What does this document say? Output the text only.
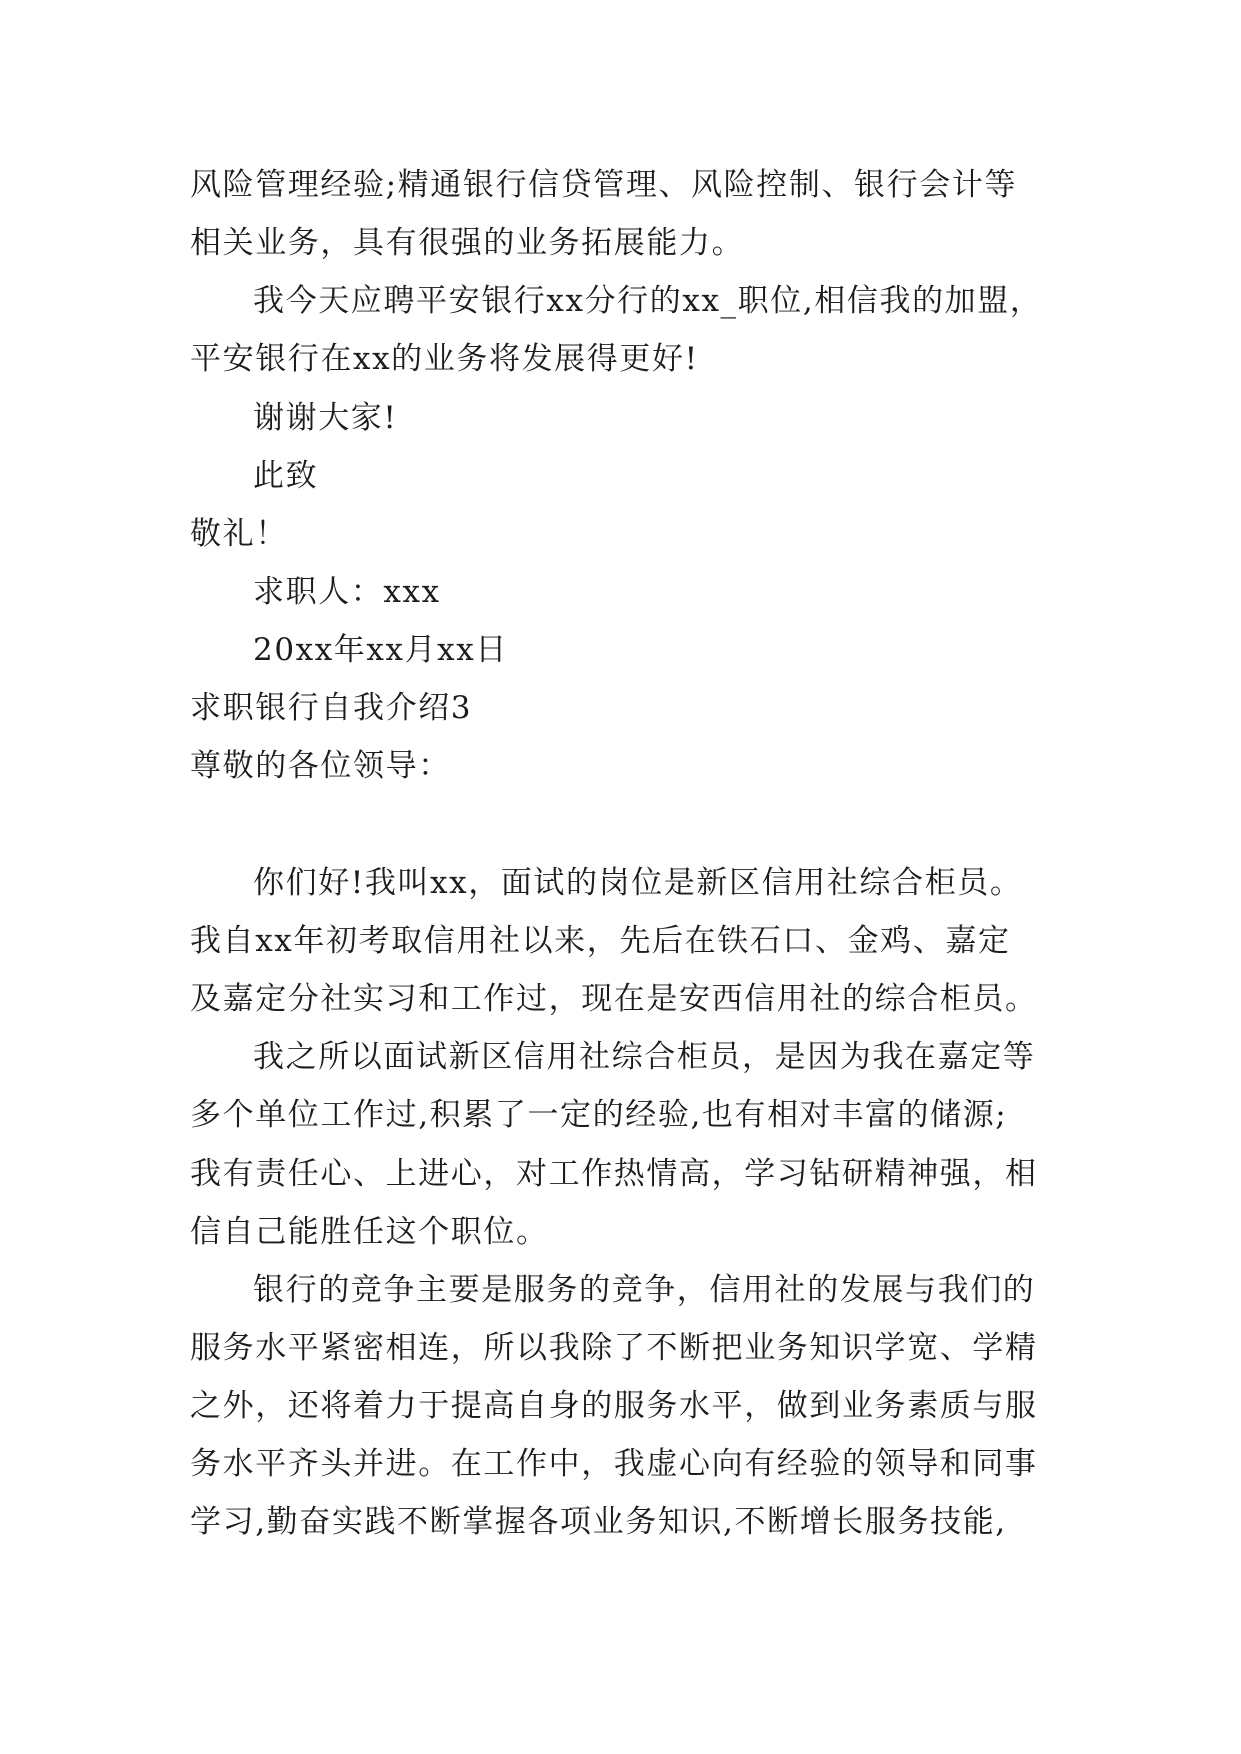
风险管理经验;精通银行信贷管理、风险控制、银行会计等
相关业务，具有很强的业务拓展能力。
我今天应聘平安银行xx分行的xx_职位,相信我的加盟，
平安银行在xx的业务将发展得更好!
谢谢大家!
此致
敬礼！
求职人：xxx
20xx年xx月xx日
求职银行自我介绍3
尊敬的各位领导：
你们好!我叫xx，面试的岗位是新区信用社综合柜员。
我自xx年初考取信用社以来，先后在铁石口、金鸡、嘉定
及嘉定分社实习和工作过，现在是安西信用社的综合柜员。
我之所以面试新区信用社综合柜员，是因为我在嘉定等
多个单位工作过,积累了一定的经验,也有相对丰富的储源;
我有责任心、上进心，对工作热情高，学习钻研精神强，相
信自己能胜任这个职位。
银行的竞争主要是服务的竞争，信用社的发展与我们的
服务水平紧密相连，所以我除了不断把业务知识学宽、学精
之外，还将着力于提高自身的服务水平，做到业务素质与服
务水平齐头并进。在工作中，我虚心向有经验的领导和同事
学习,勤奋实践不断掌握各项业务知识,不断增长服务技能,
